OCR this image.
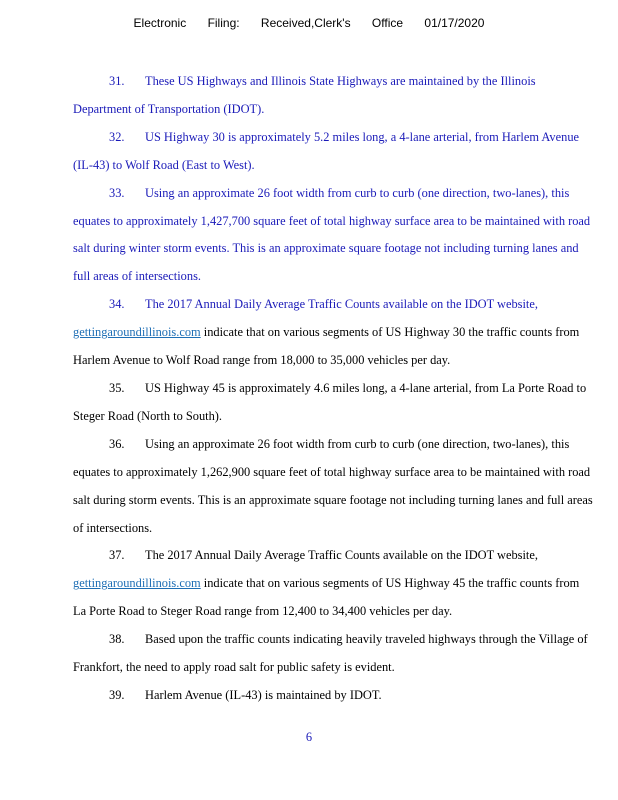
Electronic Filing: Received,Clerk's Office 01/17/2020

31. These US Highways and Illinois State Highways are maintained by the Illinois Department of Transportation (IDOT).

32. US Highway 30 is approximately 5.2 miles long, a 4-lane arterial, from Harlem Avenue (IL-43) to Wolf Road (East to West).

33. Using an approximate 26 foot width from curb to curb (one direction, two-lanes), this equates to approximately 1,427,700 square feet of total highway surface area to be maintained with road salt during winter storm events. This is an approximate square footage not including turning lanes and full areas of intersections.

34. The 2017 Annual Daily Average Traffic Counts available on the IDOT website, gettingaroundillinois.com indicate that on various segments of US Highway 30 the traffic counts from Harlem Avenue to Wolf Road range from 18,000 to 35,000 vehicles per day.

35. US Highway 45 is approximately 4.6 miles long, a 4-lane arterial, from La Porte Road to Steger Road (North to South).

36. Using an approximate 26 foot width from curb to curb (one direction, two-lanes), this equates to approximately 1,262,900 square feet of total highway surface area to be maintained with road salt during storm events. This is an approximate square footage not including turning lanes and full areas of intersections.

37. The 2017 Annual Daily Average Traffic Counts available on the IDOT website, gettingaroundillinois.com indicate that on various segments of US Highway 45 the traffic counts from La Porte Road to Steger Road range from 12,400 to 34,400 vehicles per day.

38. Based upon the traffic counts indicating heavily traveled highways through the Village of Frankfort, the need to apply road salt for public safety is evident.

39. Harlem Avenue (IL-43) is maintained by IDOT.

6
